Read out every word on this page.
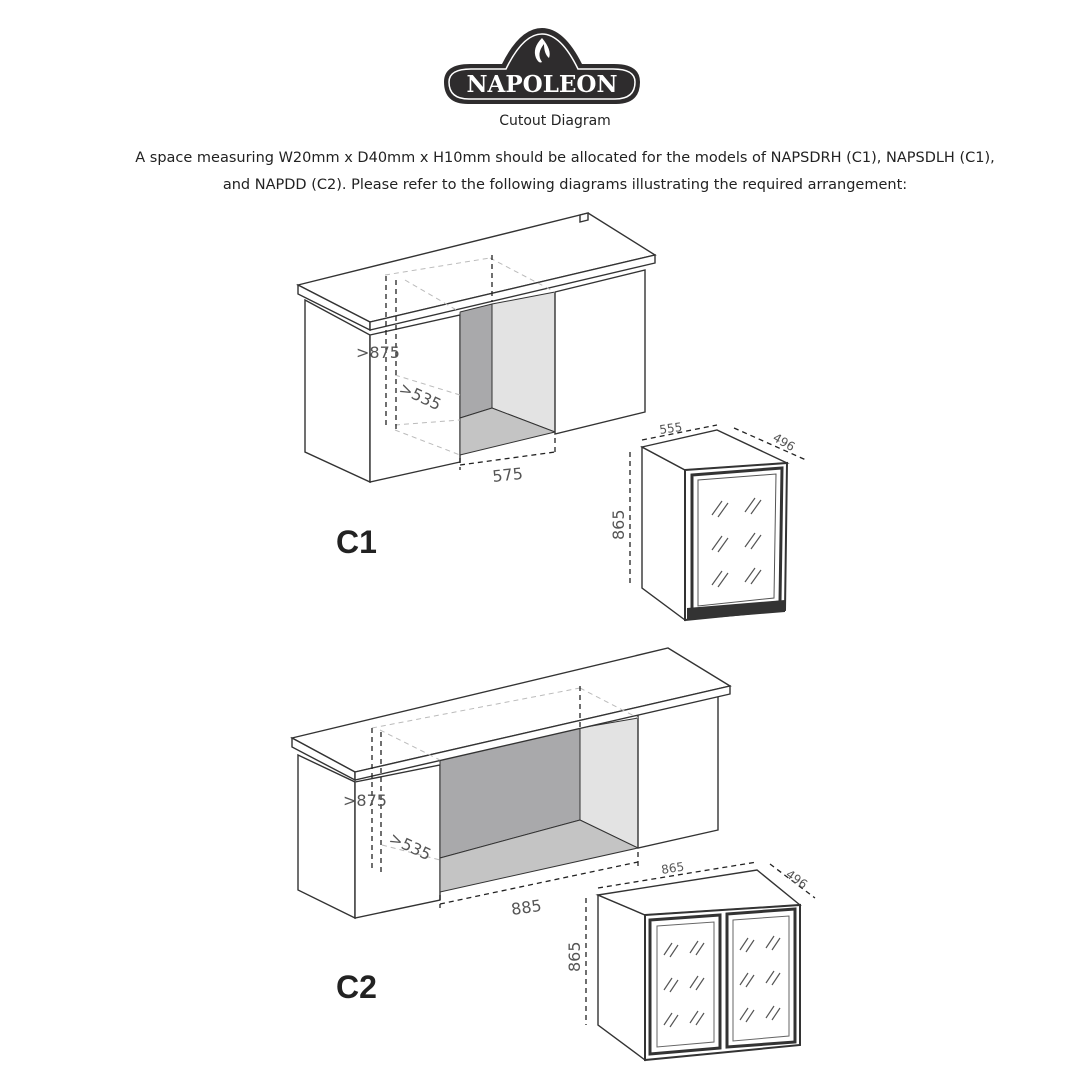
NAPOLEON
Cutout Diagram
A space measuring W20mm x D40mm x H10mm should be allocated for the models of NAPSDRH (C1), NAPSDLH (C1),
and NAPDD (C2). Please refer to the following diagrams illustrating the required arrangement:
>875
>535
575
C1
555
496
865
>875
>535
885
C2
865	496
865
